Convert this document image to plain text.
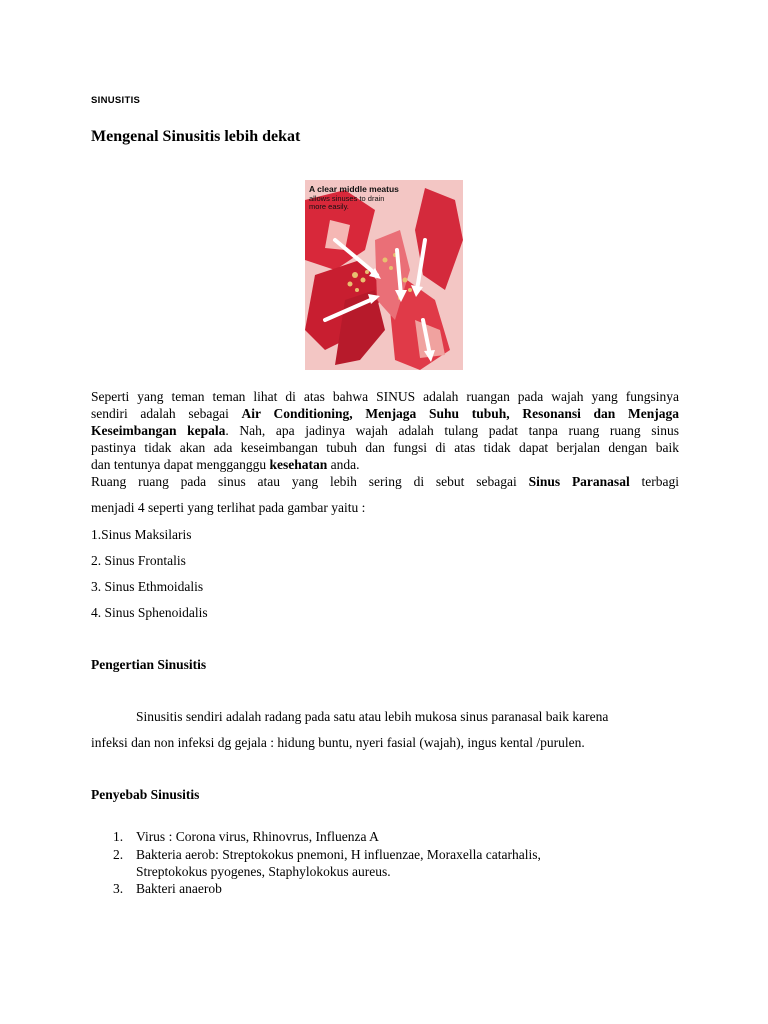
SINUSITIS
Mengenal Sinusitis lebih dekat
A clear middle meatus
allows sinuses to drain
more easily.
Seperti yang teman teman lihat di atas bahwa SINUS adalah ruangan pada wajah yang fungsinya
sendiri adalah sebagai Air Conditioning, Menjaga Suhu tubuh, Resonansi dan Menjaga
Keseimbangan kepala. Nah, apa jadinya wajah adalah tulang padat tanpa ruang ruang sinus
pastinya tidak akan ada keseimbangan tubuh dan fungsi di atas tidak dapat berjalan dengan baik
dan tentunya dapat mengganggu kesehatan anda.
Ruang ruang pada sinus atau yang lebih sering di sebut sebagai Sinus Paranasal terbagi
menjadi 4 seperti yang terlihat pada gambar yaitu :
1.Sinus Maksilaris
2. Sinus Frontalis
3. Sinus Ethmoidalis
4. Sinus Sphenoidalis
Pengertian Sinusitis
Sinusitis sendiri adalah radang pada satu atau lebih mukosa sinus paranasal baik karena
infeksi dan non infeksi dg gejala : hidung buntu, nyeri fasial (wajah), ingus kental /purulen.
Penyebab Sinusitis
1. Virus : Corona virus, Rhinovrus, Influenza A
2. Bakteria aerob: Streptokokus pnemoni, H influenzae, Moraxella catarhalis,
Streptokokus pyogenes, Staphylokokus aureus.
3. Bakteri anaerob
